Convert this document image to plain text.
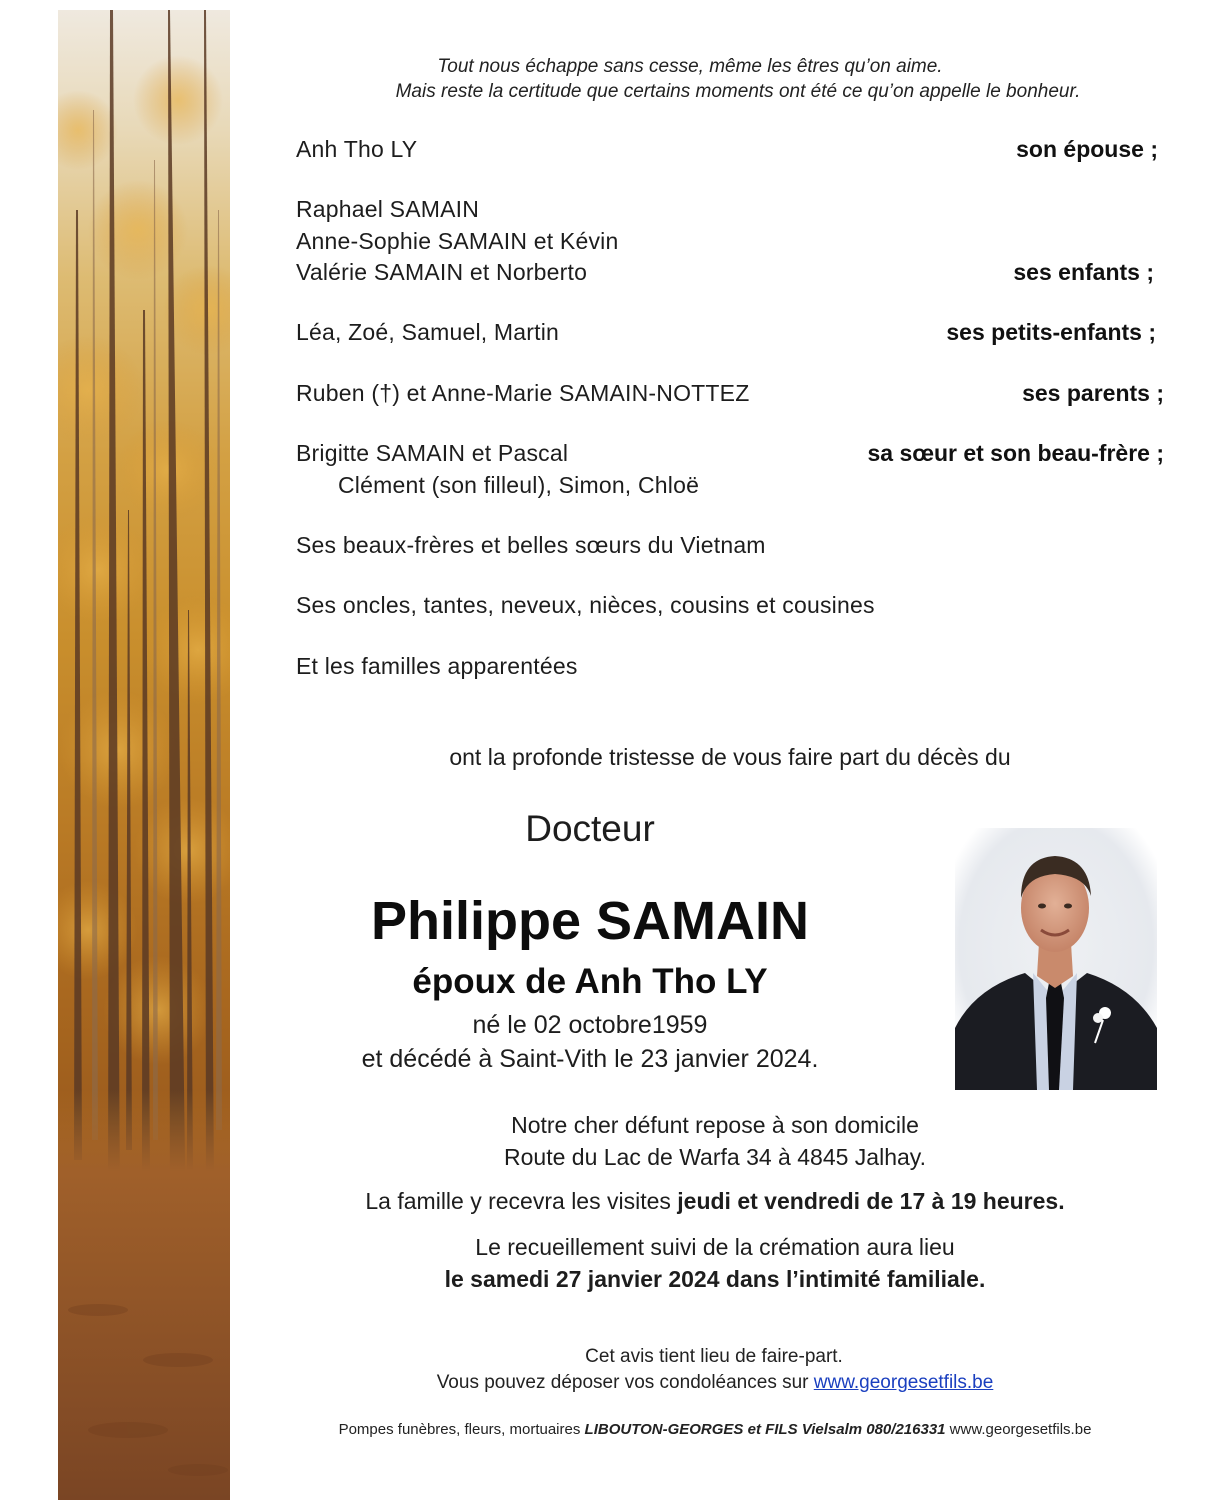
Tout nous échappe sans cesse, même les êtres qu’on aime.
Mais reste la certitude que certains moments ont été ce qu’on appelle le bonheur.
Anh Tho LY	son épouse ;
Raphael SAMAIN
Anne-Sophie SAMAIN et Kévin
Valérie SAMAIN et Norberto	ses enfants ;
Léa, Zoé, Samuel, Martin	ses petits-enfants ;
Ruben (†) et Anne-Marie SAMAIN-NOTTEZ	ses parents ;
Brigitte SAMAIN et Pascal	sa sœur et son beau-frère ;
Clément (son filleul), Simon, Chloë
Ses beaux-frères et belles sœurs du Vietnam
Ses oncles, tantes, neveux, nièces, cousins et cousines
Et les familles apparentées
ont la profonde tristesse de vous faire part du décès du
Docteur
Philippe SAMAIN
époux de Anh Tho LY
né le 02 octobre1959
et décédé à Saint-Vith le 23 janvier 2024.
Notre cher défunt repose à son domicile
Route du Lac de Warfa 34 à 4845 Jalhay.
La famille y recevra les visites jeudi et vendredi de 17 à 19 heures.
Le recueillement suivi de la crémation aura lieu
le samedi 27 janvier 2024 dans l’intimité familiale.
Cet avis tient lieu de faire-part.
Vous pouvez déposer vos condoléances sur www.georgesetfils.be
Pompes funèbres, fleurs, mortuaires LIBOUTON-GEORGES et FILS Vielsalm 080/216331 www.georgesetfils.be
